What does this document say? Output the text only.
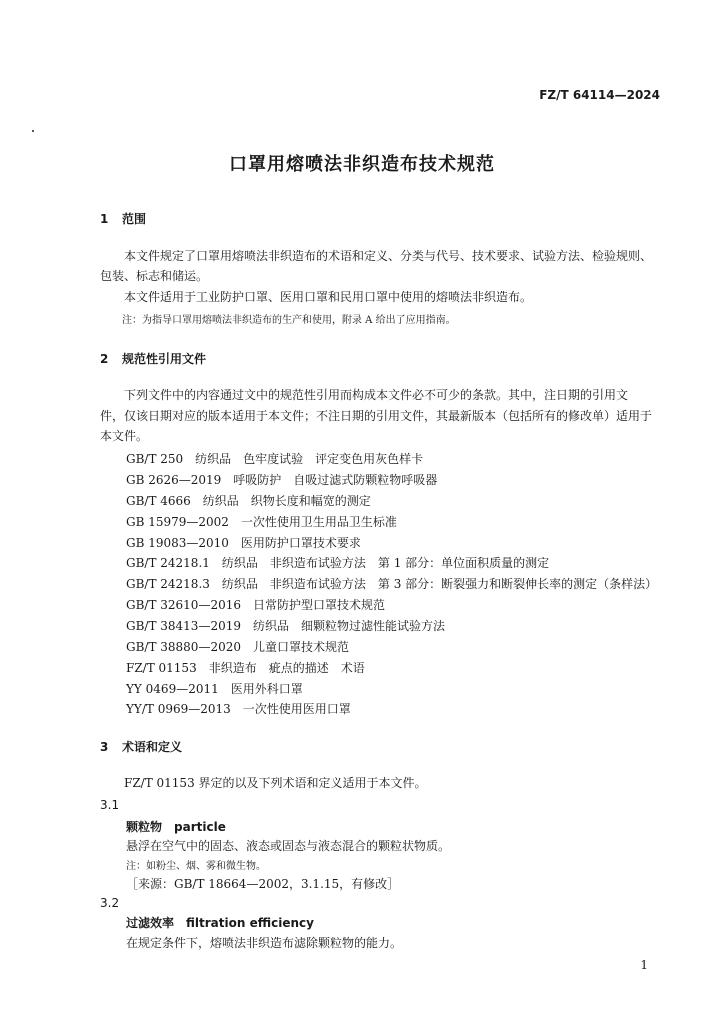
FZ/T 64114—2024
口罩用熔喷法非织造布技术规范
1 范围
本文件规定了口罩用熔喷法非织造布的术语和定义、分类与代号、技术要求、试验方法、检验规则、
包装、标志和储运。
本文件适用于工业防护口罩、医用口罩和民用口罩中使用的熔喷法非织造布。
注：为指导口罩用熔喷法非织造布的生产和使用，附录 A 给出了应用指南。
2 规范性引用文件
下列文件中的内容通过文中的规范性引用而构成本文件必不可少的条款。其中，注日期的引用文
件，仅该日期对应的版本适用于本文件；不注日期的引用文件，其最新版本（包括所有的修改单）适用于
本文件。
GB/T 250　纺织品　色牢度试验　评定变色用灰色样卡
GB 2626—2019　呼吸防护　自吸过滤式防颗粒物呼吸器
GB/T 4666　纺织品　织物长度和幅宽的测定
GB 15979—2002　一次性使用卫生用品卫生标准
GB 19083—2010　医用防护口罩技术要求
GB/T 24218.1　纺织品　非织造布试验方法　第 1 部分：单位面积质量的测定
GB/T 24218.3　纺织品　非织造布试验方法　第 3 部分：断裂强力和断裂伸长率的测定（条样法）
GB/T 32610—2016　日常防护型口罩技术规范
GB/T 38413—2019　纺织品　细颗粒物过滤性能试验方法
GB/T 38880—2020　儿童口罩技术规范
FZ/T 01153　非织造布　疵点的描述　术语
YY 0469—2011　医用外科口罩
YY/T 0969—2013　一次性使用医用口罩
3 术语和定义
FZ/T 01153 界定的以及下列术语和定义适用于本文件。
3.1
颗粒物 particle
悬浮在空气中的固态、液态或固态与液态混合的颗粒状物质。
注：如粉尘、烟、雾和微生物。
［来源：GB/T 18664—2002，3.1.15，有修改］
3.2
过滤效率 filtration efficiency
在规定条件下，熔喷法非织造布滤除颗粒物的能力。
1
